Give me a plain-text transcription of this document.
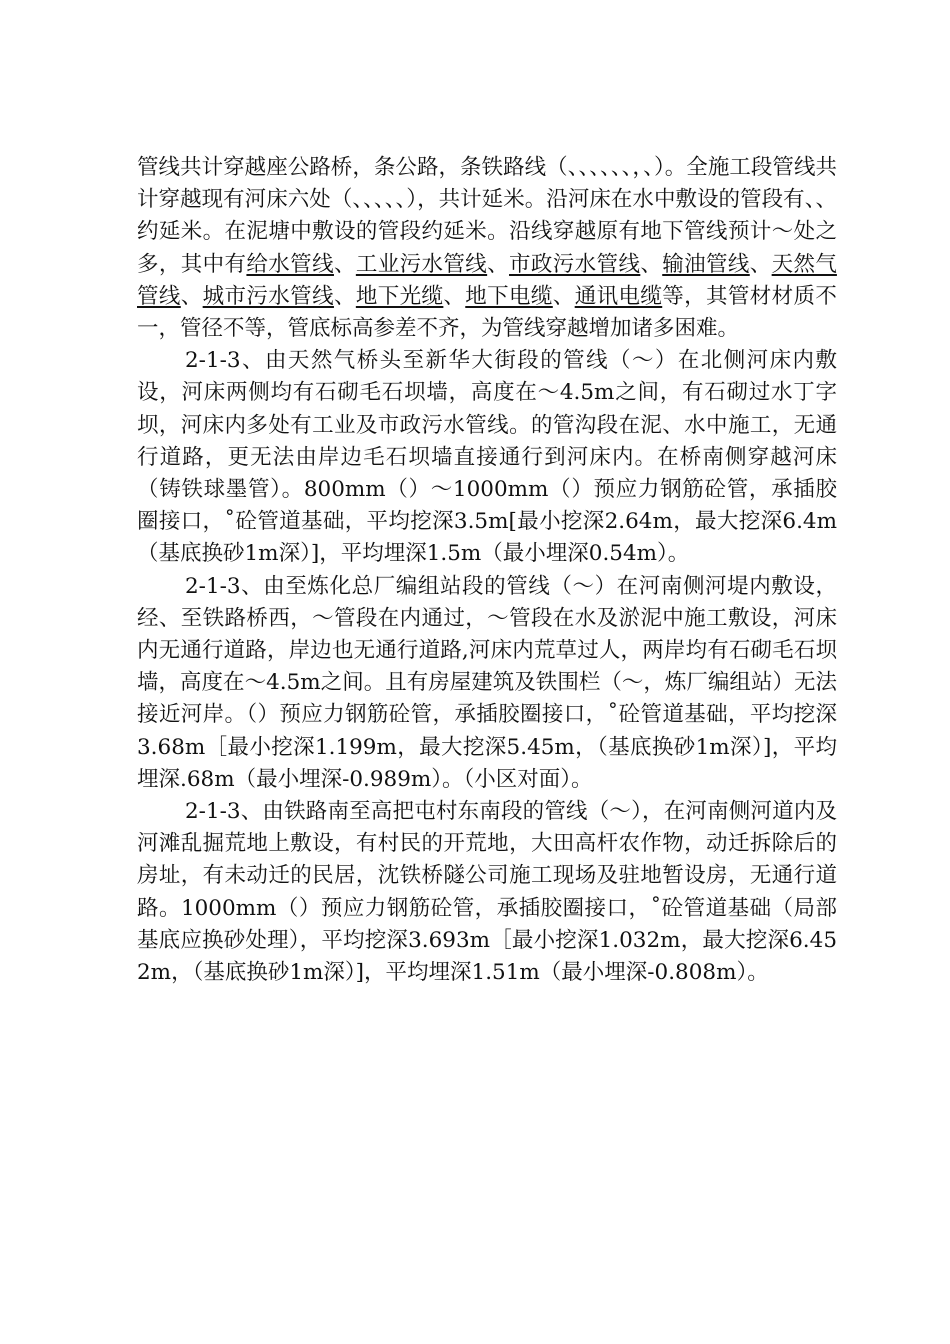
管线共计穿越座公路桥，条公路，条铁路线（、、、、、、，、）。全施工段管线共计穿越现有河床六处（、、、、、），共计延米。沿河床在水中敷设的管段有、、约延米。在泥塘中敷设的管段约延米。沿线穿越原有地下管线预计～处之多，其中有给水管线、工业污水管线、市政污水管线、输油管线、天然气管线、城市污水管线、地下光缆、地下电缆、通讯电缆等，其管材材质不一，管径不等，管底标高参差不齐，为管线穿越增加诸多困难。

2-1-3、由天然气桥头至新华大街段的管线（～）在北侧河床内敷设，河床两侧均有石砌毛石坝墙，高度在～4.5m之间，有石砌过水丁字坝，河床内多处有工业及市政污水管线。的管沟段在泥、水中施工，无通行道路，更无法由岸边毛石坝墙直接通行到河床内。在桥南侧穿越河床（铸铁球墨管）。800mm（）～1000mm（）预应力钢筋砼管，承插胶圈接口，˚砼管道基础，平均挖深3.5m[最小挖深2.64m，最大挖深6.4m（基底换砂1m深）]，平均埋深1.5m（最小埋深0.54m）。

2-1-3、由至炼化总厂编组站段的管线（～）在河南侧河堤内敷设，经、至铁路桥西，～管段在内通过，～管段在水及淤泥中施工敷设，河床内无通行道路，岸边也无通行道路,河床内荒草过人，两岸均有石砌毛石坝墙，高度在～4.5m之间。且有房屋建筑及铁围栏（～，炼厂编组站）无法接近河岸。（）预应力钢筋砼管，承插胶圈接口，˚砼管道基础，平均挖深3.68m［最小挖深1.199m，最大挖深5.45m，（基底换砂1m深）]，平均埋深.68m（最小埋深-0.989m）。（小区对面）。

2-1-3、由铁路南至高把屯村东南段的管线（～），在河南侧河道内及河滩乱掘荒地上敷设，有村民的开荒地，大田高杆农作物，动迁拆除后的房址，有未动迁的民居，沈铁桥隧公司施工现场及驻地暂设房，无通行道路。1000mm（）预应力钢筋砼管，承插胶圈接口，˚砼管道基础（局部基底应换砂处理），平均挖深3.693m［最小挖深1.032m，最大挖深6.452m，（基底换砂1m深）]，平均埋深1.51m（最小埋深-0.808m）。
